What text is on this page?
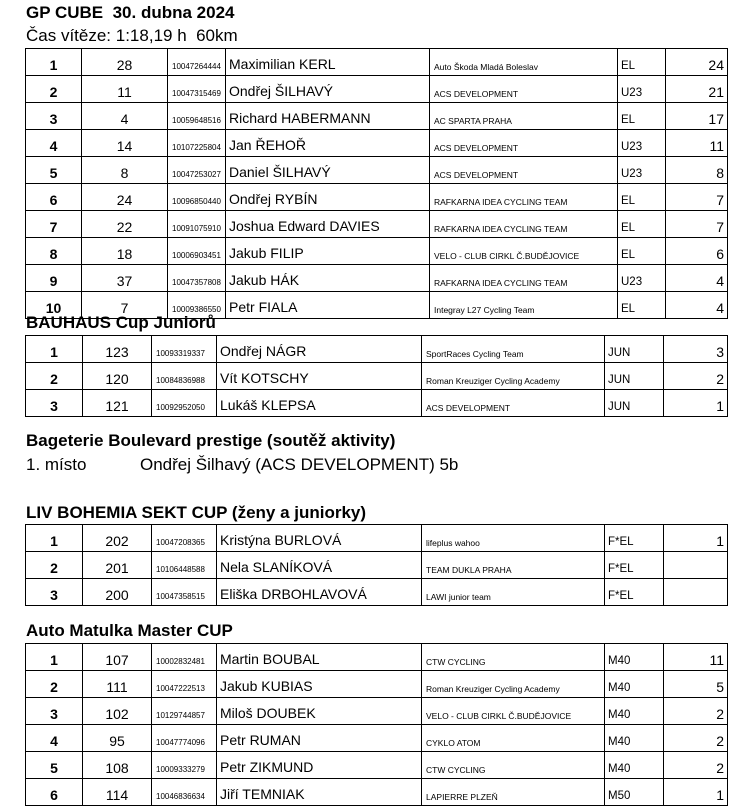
GP CUBE  30. dubna 2024
Čas vítěze: 1:18,19 h  60km
1	28	10047264444	Maximilian KERL	Auto Škoda Mladá Boleslav	EL	24
2	11	10047315469	Ondřej ŠILHAVÝ	ACS DEVELOPMENT	U23	21
3	4	10059648516	Richard HABERMANN	AC SPARTA PRAHA	EL	17
4	14	10107225804	Jan ŘEHOŘ	ACS DEVELOPMENT	U23	11
5	8	10047253027	Daniel ŠILHAVÝ	ACS DEVELOPMENT	U23	8
6	24	10096850440	Ondřej RYBÍN	RAFKARNA IDEA CYCLING TEAM	EL	7
7	22	10091075910	Joshua Edward DAVIES	RAFKARNA IDEA CYCLING TEAM	EL	7
8	18	10006903451	Jakub FILIP	VELO - CLUB CIRKL Č.BUDĚJOVICE	EL	6
9	37	10047357808	Jakub HÁK	RAFKARNA IDEA CYCLING TEAM	U23	4
10	7	10009386550	Petr FIALA	Integray L27 Cycling Team	EL	4
BAUHAUS Cup Juniorů
1	123	10093319337	Ondřej NÁGR	SportRaces Cycling Team	JUN	3
2	120	10084836988	Vít KOTSCHY	Roman Kreuziger Cycling Academy	JUN	2
3	121	10092952050	Lukáš KLEPSA	ACS DEVELOPMENT	JUN	1
Bageterie Boulevard prestige (soutěž aktivity)
1. místo	Ondřej Šilhavý (ACS DEVELOPMENT) 5b
LIV BOHEMIA SEKT CUP (ženy a juniorky)
1	202	10047208365	Kristýna BURLOVÁ	lifeplus wahoo	F*EL	1
2	201	10106448588	Nela SLANÍKOVÁ	TEAM DUKLA PRAHA	F*EL	
3	200	10047358515	Eliška DRBOHLAVOVÁ	LAWI junior team	F*EL	
Auto Matulka Master CUP
1	107	10002832481	Martin BOUBAL	CTW CYCLING	M40	11
2	111	10047222513	Jakub KUBIAS	Roman Kreuziger Cycling Academy	M40	5
3	102	10129744857	Miloš DOUBEK	VELO - CLUB CIRKL Č.BUDĚJOVICE	M40	2
4	95	10047774096	Petr RUMAN	CYKLO ATOM	M40	2
5	108	10009333279	Petr ZIKMUND	CTW CYCLING	M40	2
6	114	10046836634	Jiří TEMNIAK	LAPIERRE PLZEŇ	M50	1
